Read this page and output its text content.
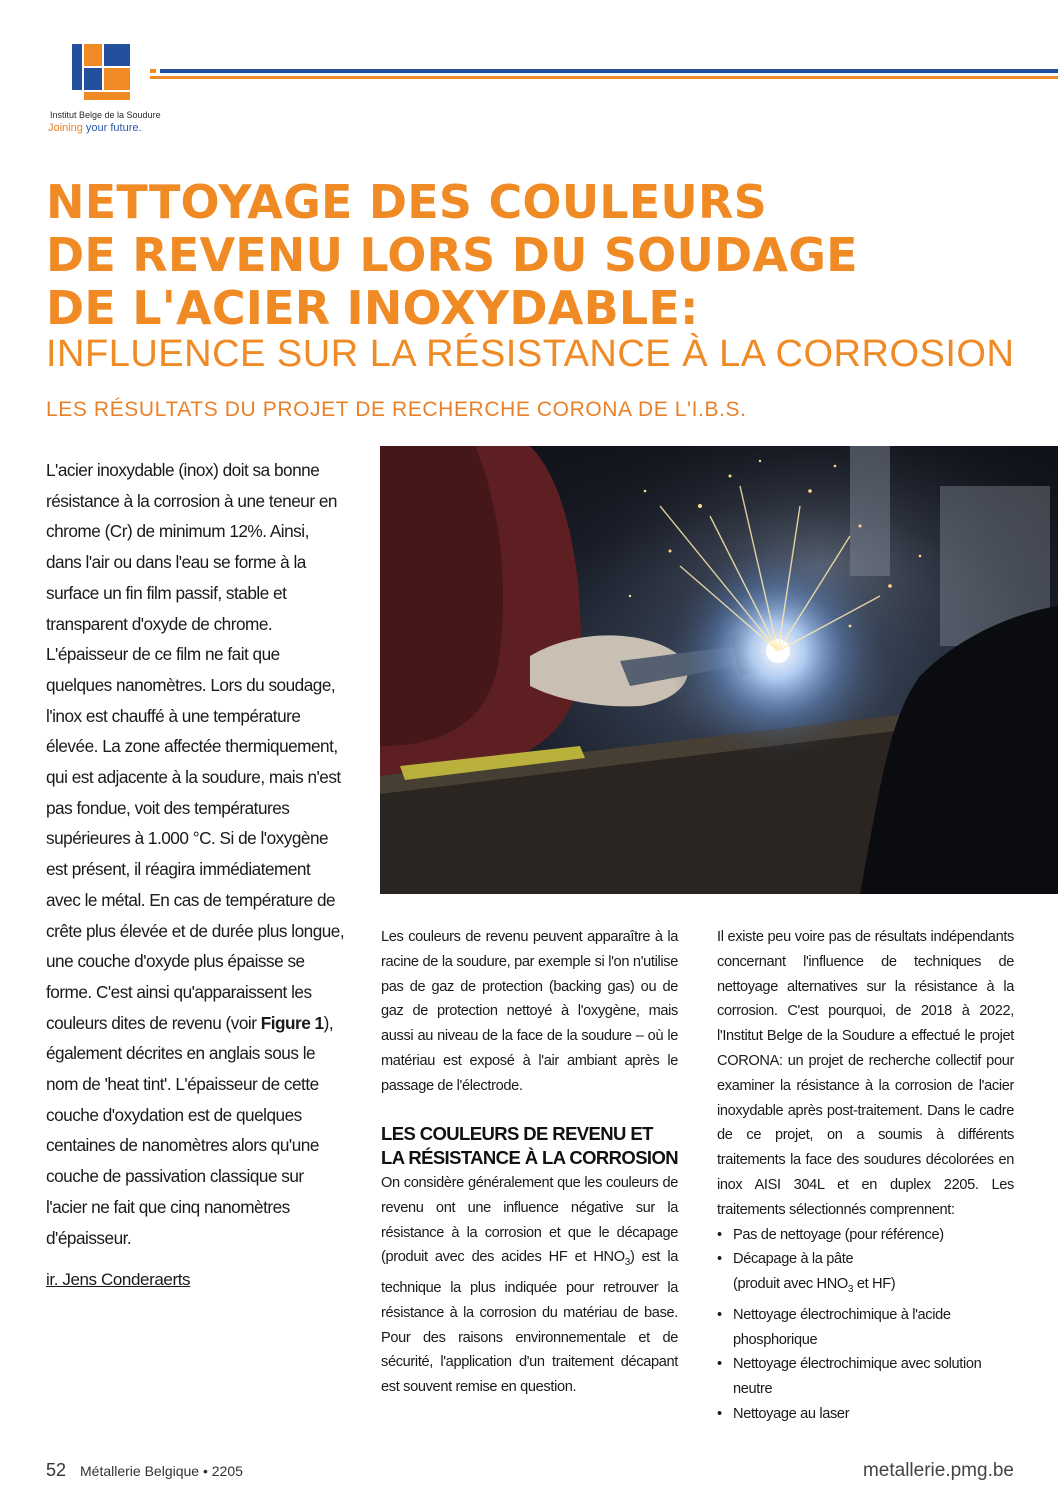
Institut Belge de la Soudure
Joining your future.
NETTOYAGE DES COULEURS
DE REVENU LORS DU SOUDAGE
DE L'ACIER INOXYDABLE:
INFLUENCE SUR LA RÉSISTANCE À LA CORROSION
LES RÉSULTATS DU PROJET DE RECHERCHE CORONA DE L'I.B.S.
L'acier inoxydable (inox) doit sa bonne résistance à la corrosion à une teneur en chrome (Cr) de minimum 12%. Ainsi, dans l'air ou dans l'eau se forme à la surface un fin film passif, stable et transparent d'oxyde de chrome. L'épaisseur de ce film ne fait que quelques nanomètres. Lors du soudage, l'inox est chauffé à une température élevée. La zone affectée thermiquement, qui est adjacente à la soudure, mais n'est pas fondue, voit des températures supérieures à 1.000 °C. Si de l'oxygène est présent, il réagira immédiatement avec le métal. En cas de température de crête plus élevée et de durée plus longue, une couche d'oxyde plus épaisse se forme. C'est ainsi qu'apparaissent les couleurs dites de revenu (voir Figure 1), également décrites en anglais sous le nom de 'heat tint'. L'épaisseur de cette couche d'oxydation est de quelques centaines de nanomètres alors qu'une couche de passivation classique sur l'acier ne fait que cinq nanomètres d'épaisseur.
ir. Jens Conderaerts

Les couleurs de revenu peuvent apparaître à la racine de la soudure, par exemple si l'on n'utilise pas de gaz de protection (backing gas) ou de gaz de protection nettoyé à l'oxygène, mais aussi au niveau de la face de la soudure – où le matériau est exposé à l'air ambiant après le passage de l'électrode.

LES COULEURS DE REVENU ET
LA RÉSISTANCE À LA CORROSION

On considère généralement que les couleurs de revenu ont une influence négative sur la résistance à la corrosion et que le décapage (produit avec des acides HF et $HNO_3$) est la technique la plus indiquée pour retrouver la résistance à la corrosion du matériau de base. Pour des raisons environnementale et de sécurité, l'application d'un traitement décapant est souvent remise en question.

Il existe peu voire pas de résultats indépendants concernant l'influence de techniques de nettoyage alternatives sur la résistance à la corrosion. C'est pourquoi, de 2018 à 2022, l'Institut Belge de la Soudure a effectué le projet CORONA: un projet de recherche collectif pour examiner la résistance à la corrosion de l'acier inoxydable après post-traitement. Dans le cadre de ce projet, on a soumis à différents traitements la face des soudures décolorées en inox AISI 304L et en duplex 2205. Les traitements sélectionnés comprennent:

• Pas de nettoyage (pour référence)
• Décapage à la pâte
(produit avec $HNO_3$ et HF)
• Nettoyage électrochimique à l'acide phosphorique
• Nettoyage électrochimique avec solution neutre
• Nettoyage au laser
52 Métallerie Belgique • 2205	metallerie.pmg.be
